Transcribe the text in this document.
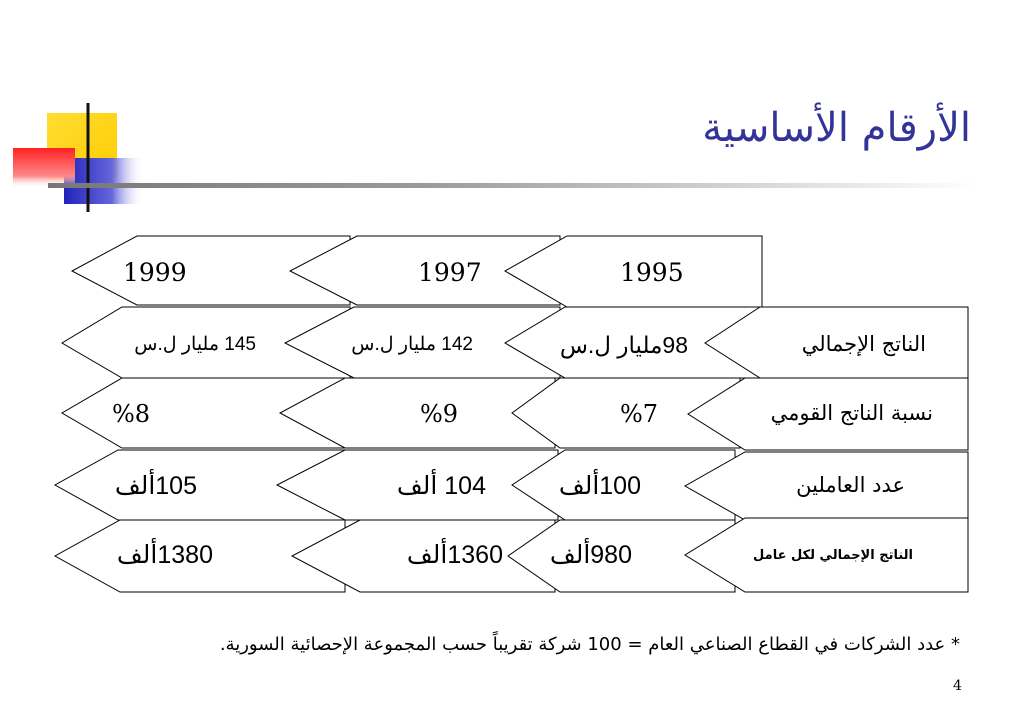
الأرقام الأساسية
1999	1997	1995
الناتج الإجمالي
98مليار ل.س
142 مليار ل.س
145 مليار ل.س
نسبة الناتج القومي
%7
%9
%8
عدد العاملين
100ألف
104 ألف
105ألف
الناتج الإجمالي لكل عامل
980ألف
1360ألف
1380ألف
* عدد الشركات في القطاع الصناعي العام = 100 شركة تقريباً حسب المجموعة الإحصائية السورية.
4
